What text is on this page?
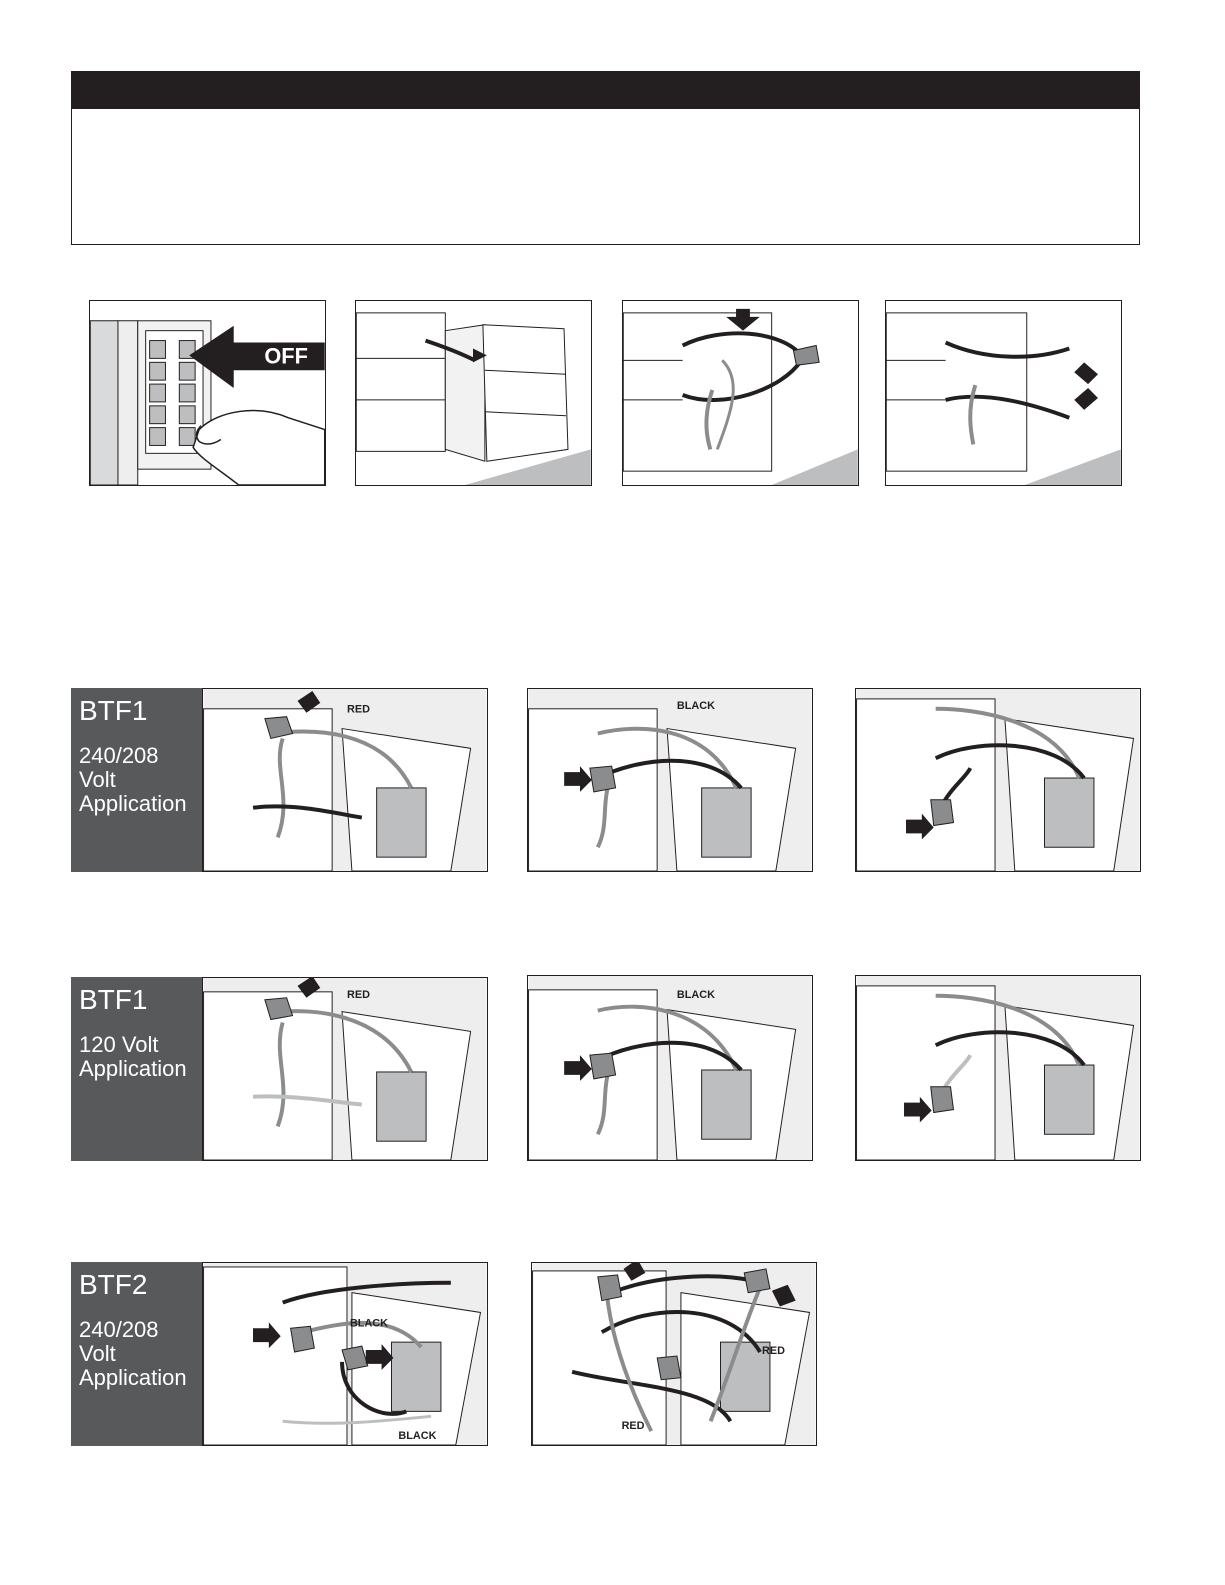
OFF
BTF1
240/208
Volt
Application
RED	BLACK
BTF1
120 Volt
Application
RED	BLACK
BTF2
240/208
Volt
Application
BLACK
BLACK
RED
RED
